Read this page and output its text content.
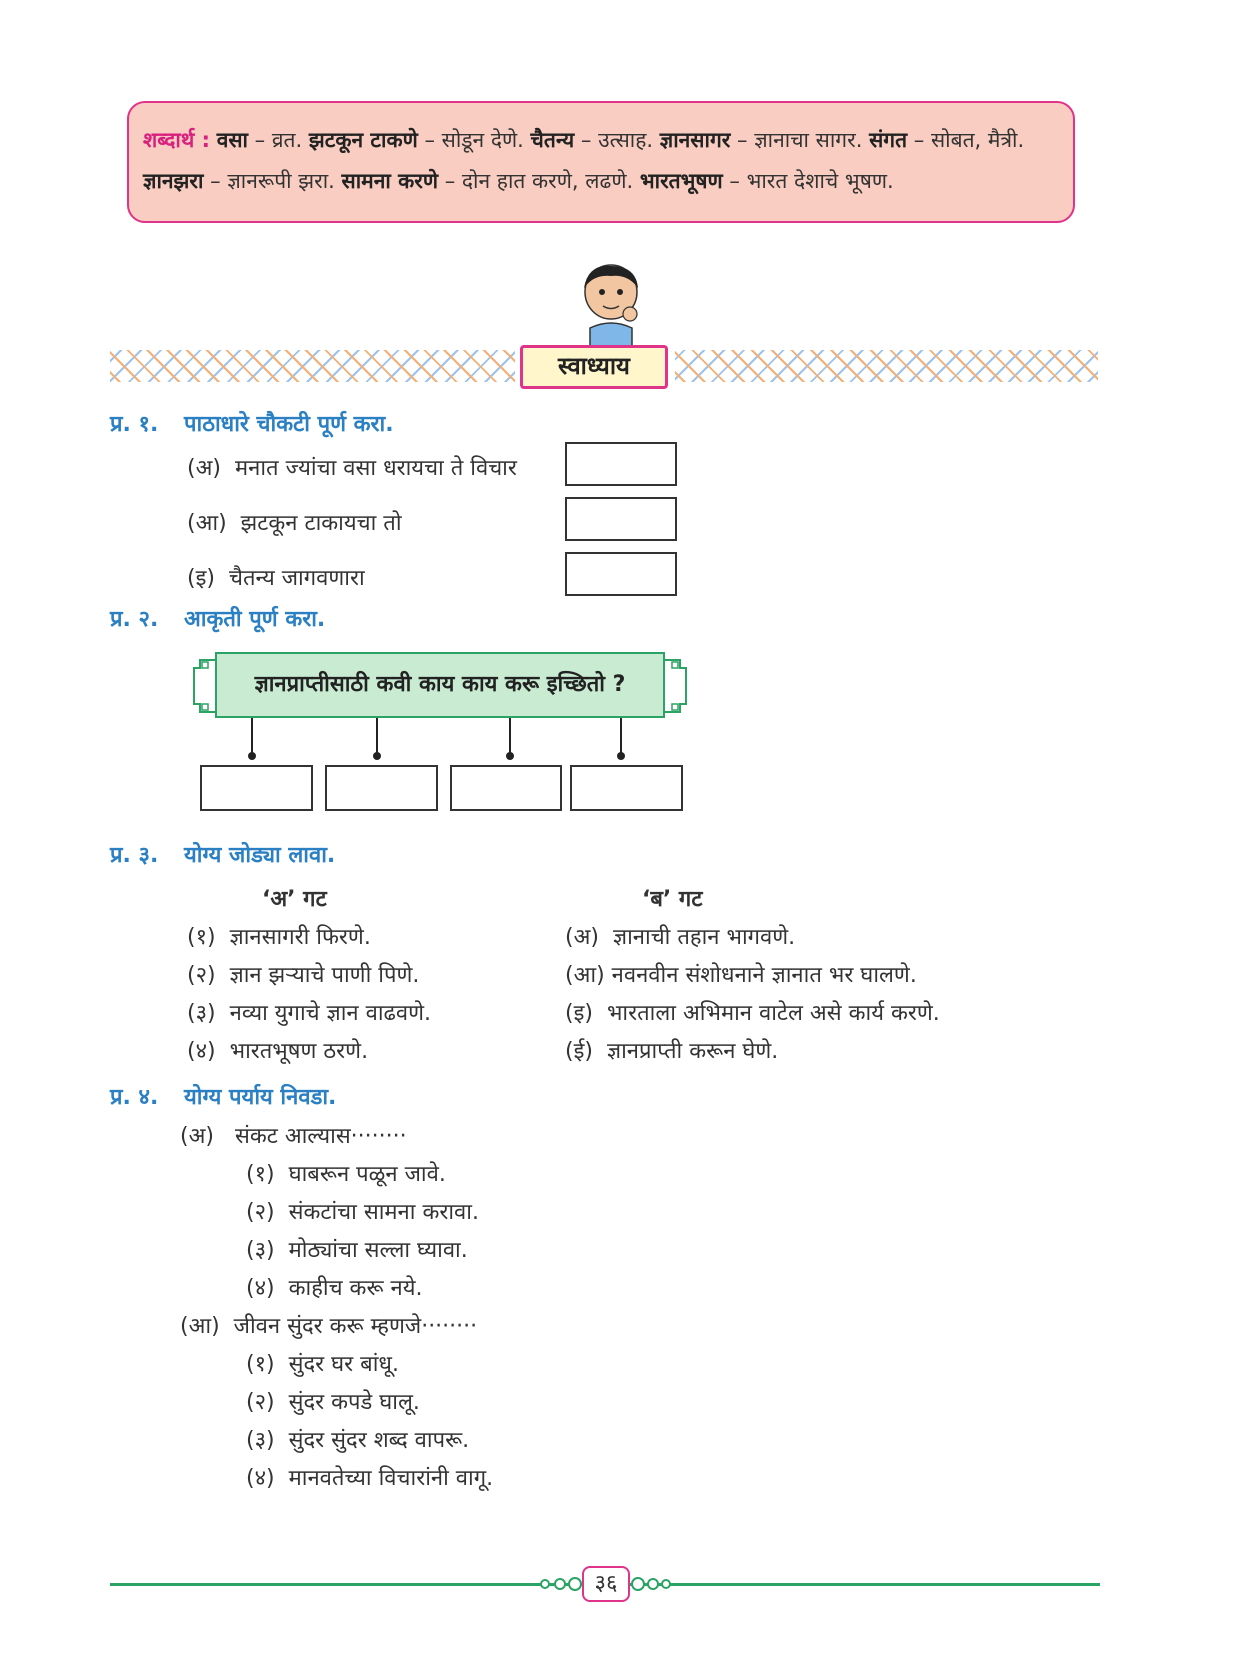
शब्दार्थ : वसा – व्रत. झटकून टाकणे – सोडून देणे. चैतन्य – उत्साह. ज्ञानसागर – ज्ञानाचा सागर. संगत – सोबत, मैत्री. ज्ञानझरा – ज्ञानरूपी झरा. सामना करणे – दोन हात करणे, लढणे. भारतभूषण – भारत देशाचे भूषण.
स्वाध्याय
प्र. १. पाठाधारे चौकटी पूर्ण करा.
(अ) मनात ज्यांचा वसा धरायचा ते विचार
(आ) झटकून टाकायचा तो
(इ) चैतन्य जागवणारा
प्र. २. आकृती पूर्ण करा.
ज्ञानप्राप्तीसाठी कवी काय काय करू इच्छितो ?
प्र. ३. योग्य जोड्या लावा.
‘अ’ गट	‘ब’ गट
(१) ज्ञानसागरी फिरणे.
(२) ज्ञान झऱ्याचे पाणी पिणे.
(३) नव्या युगाचे ज्ञान वाढवणे.
(४) भारतभूषण ठरणे.
(अ) ज्ञानाची तहान भागवणे.
(आ) नवनवीन संशोधनाने ज्ञानात भर घालणे.
(इ) भारताला अभिमान वाटेल असे कार्य करणे.
(ई) ज्ञानप्राप्ती करून घेणे.
प्र. ४. योग्य पर्याय निवडा.
(अ) संकट आल्यास········
(१) घाबरून पळून जावे.
(२) संकटांचा सामना करावा.
(३) मोठ्यांचा सल्ला घ्यावा.
(४) काहीच करू नये.
(आ) जीवन सुंदर करू म्हणजे········
(१) सुंदर घर बांधू.
(२) सुंदर कपडे घालू.
(३) सुंदर सुंदर शब्द वापरू.
(४) मानवतेच्या विचारांनी वागू.
३६
